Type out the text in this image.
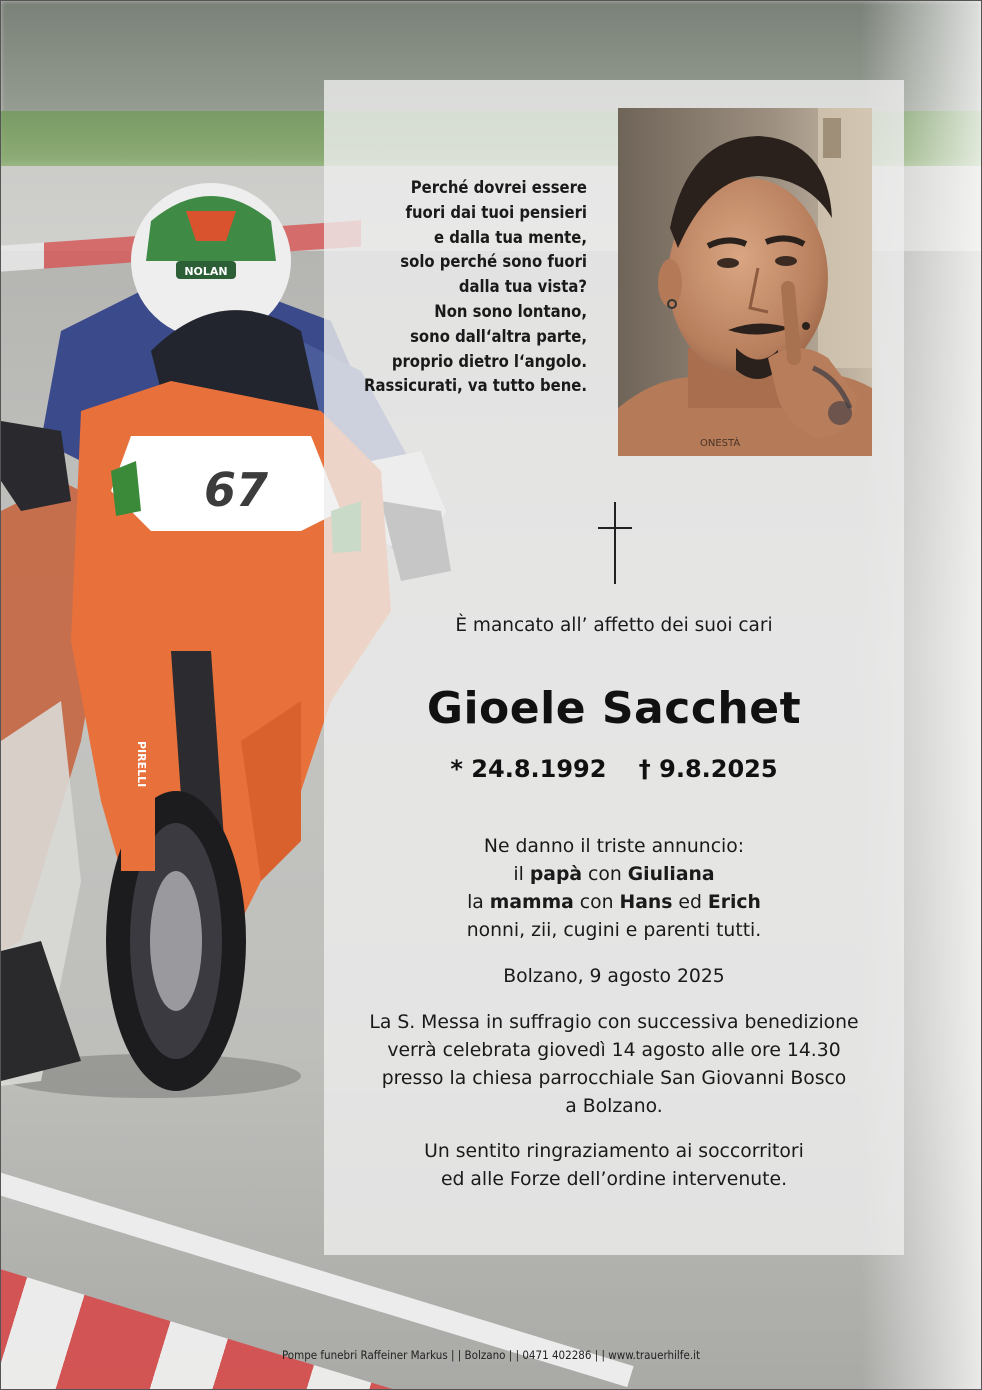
NOLAN
67
PIRELLI
Perché dovrei essere
fuori dai tuoi pensieri
e dalla tua mente,
solo perché sono fuori
dalla tua vista?
Non sono lontano,
sono dall‘altra parte,
proprio dietro l‘angolo.
Rassicurati, va tutto bene.
ONESTÀ
È mancato all’ affetto dei suoi cari
Gioele Sacchet
* 24.8.1992 † 9.8.2025
Ne danno il triste annuncio:
il papà con Giuliana
la mamma con Hans ed Erich
nonni, zii, cugini e parenti tutti.
Bolzano, 9 agosto 2025
La S. Messa in suffragio con successiva benedizione
verrà celebrata giovedì 14 agosto alle ore 14.30
presso la chiesa parrocchiale San Giovanni Bosco
a Bolzano.
Un sentito ringraziamento ai soccorritori
ed alle Forze dell’ordine intervenute.
Pompe funebri Raffeiner Markus | | Bolzano | | 0471 402286 | | www.trauerhilfe.it
